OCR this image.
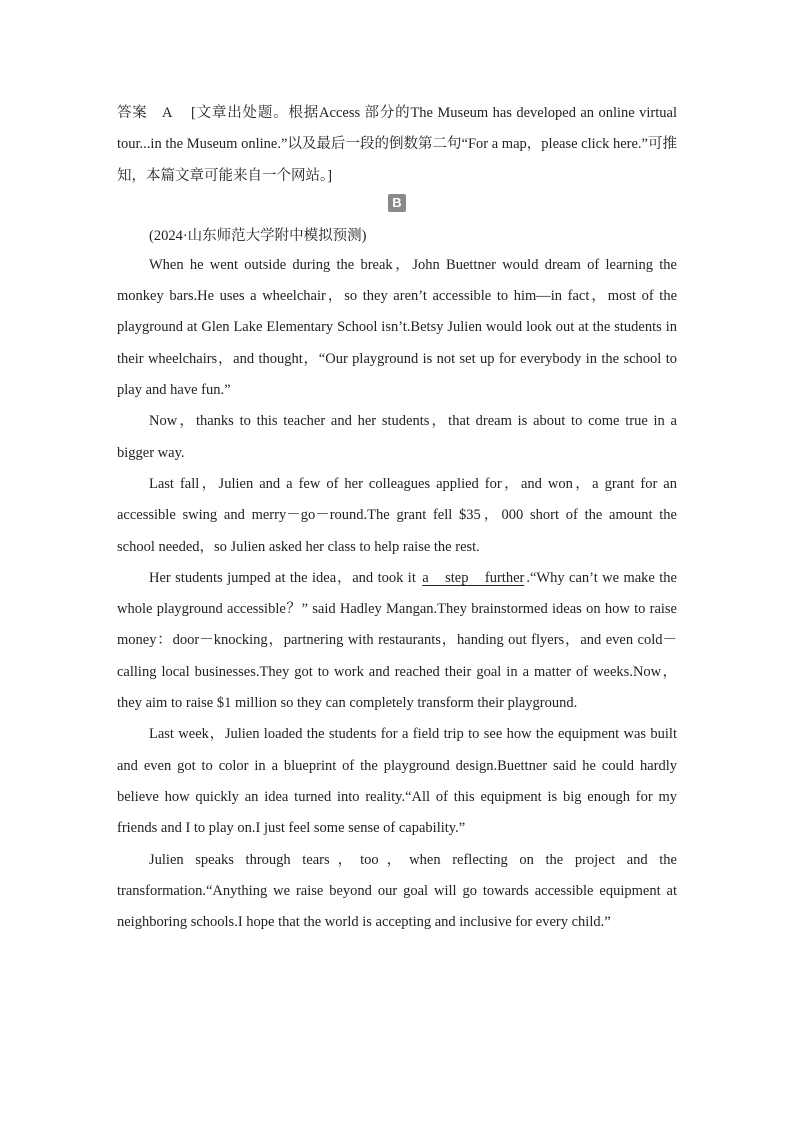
答案 A [文章出处题。根据Access 部分的The Museum has developed an online virtual tour...in the Museum online.”以及最后一段的倒数第二句“For a map，please click here.”可推知，本篇文章可能来自一个网站。]

B

(2024·山东师范大学附中模拟预测)

When he went outside during the break，John Buettner would dream of learning the monkey bars.He uses a wheelchair，so they aren’t accessible to him—in fact，most of the playground at Glen Lake Elementary School isn’t.Betsy Julien would look out at the students in their wheelchairs，and thought，“Our playground is not set up for everybody in the school to play and have fun.”

Now，thanks to this teacher and her students，that dream is about to come true in a bigger way.

Last fall，Julien and a few of her colleagues applied for，and won，a grant for an accessible swing and merry－go－round.The grant fell $35，000 short of the amount the school needed，so Julien asked her class to help raise the rest.

Her students jumped at the idea，and took it a step further .“Why can’t we make the whole playground accessible？” said Hadley Mangan.They brainstormed ideas on how to raise money：door－knocking，partnering with restaurants，handing out flyers，and even cold－calling local businesses.They got to work and reached their goal in a matter of weeks.Now，they aim to raise $1 million so they can completely transform their playground.

Last week，Julien loaded the students for a field trip to see how the equipment was built and even got to color in a blueprint of the playground design.Buettner said he could hardly believe how quickly an idea turned into reality.“All of this equipment is big enough for my friends and I to play on.I just feel some sense of capability.”

Julien speaks through tears，too，when reflecting on the project and the transformation.“Anything we raise beyond our goal will go towards accessible equipment at neighboring schools.I hope that the world is accepting and inclusive for every child.”
